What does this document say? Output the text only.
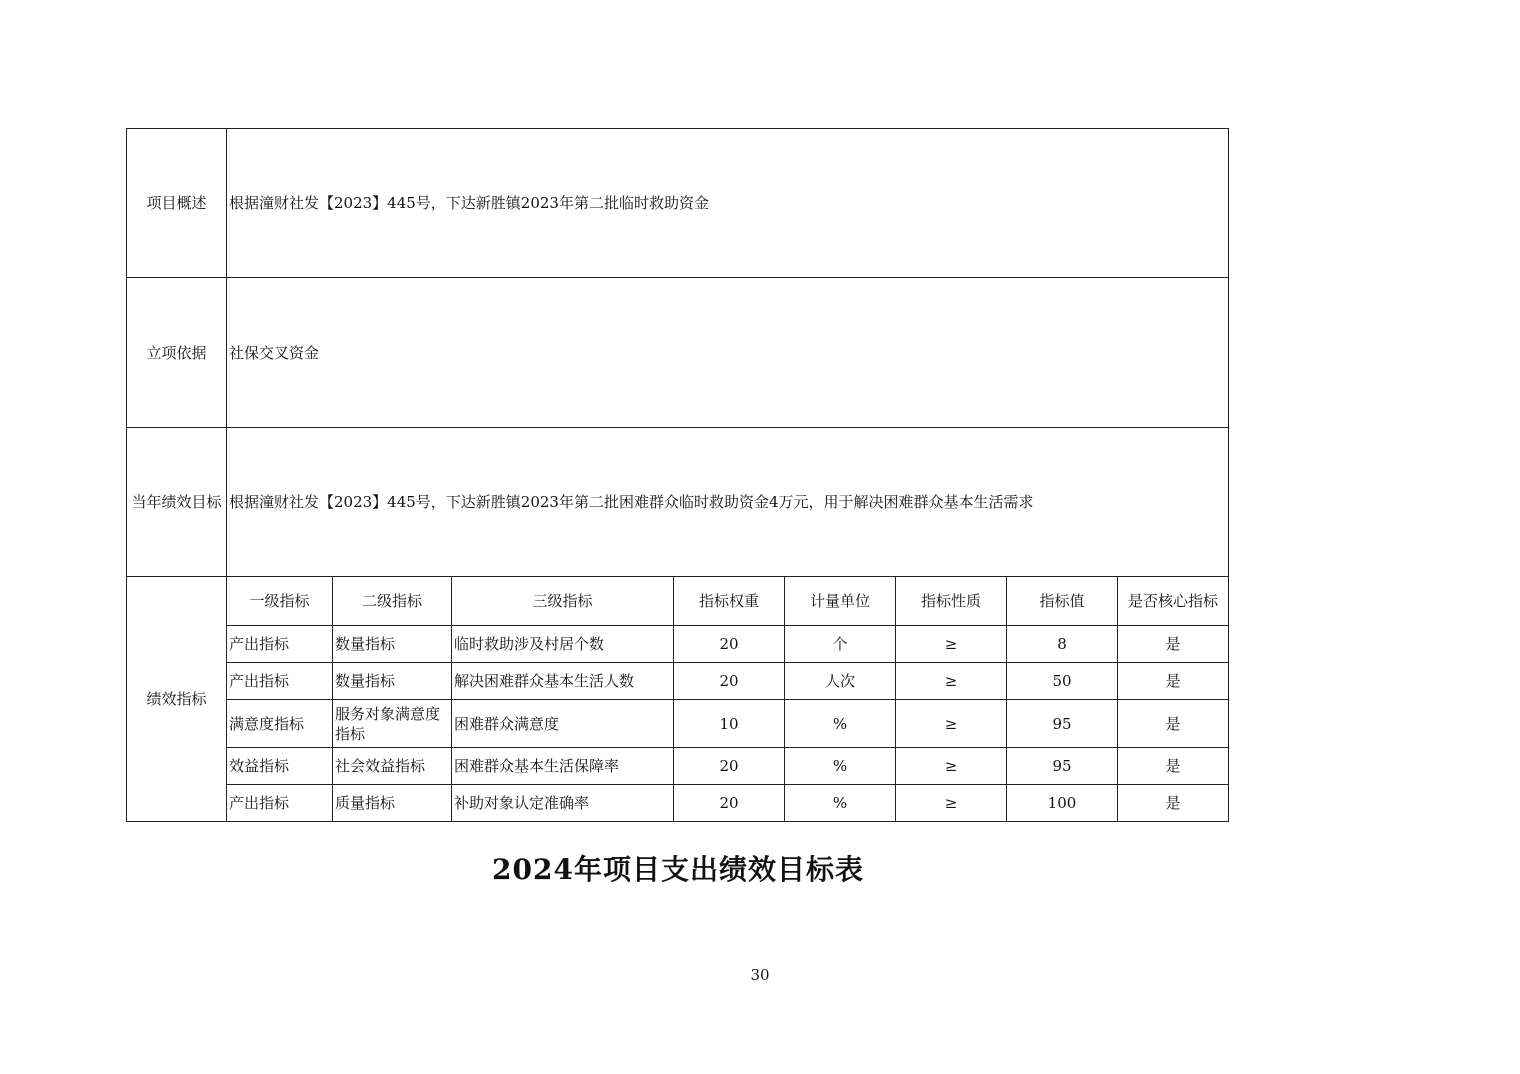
项目概述	根据潼财社发【2023】445号，下达新胜镇2023年第二批临时救助资金							
立项依据	社保交叉资金							
当年绩效目标	根据潼财社发【2023】445号，下达新胜镇2023年第二批困难群众临时救助资金4万元，用于解决困难群众基本生活需求							
绩效指标	一级指标	二级指标	三级指标	指标权重	计量单位	指标性质	指标值	是否核心指标
	产出指标	数量指标	临时救助涉及村居个数	20	个	≥	8	是
	产出指标	数量指标	解决困难群众基本生活人数	20	人次	≥	50	是
	满意度指标	服务对象满意度指标	困难群众满意度	10	%	≥	95	是
	效益指标	社会效益指标	困难群众基本生活保障率	20	%	≥	95	是
	产出指标	质量指标	补助对象认定准确率	20	%	≥	100	是
2024年项目支出绩效目标表
30
